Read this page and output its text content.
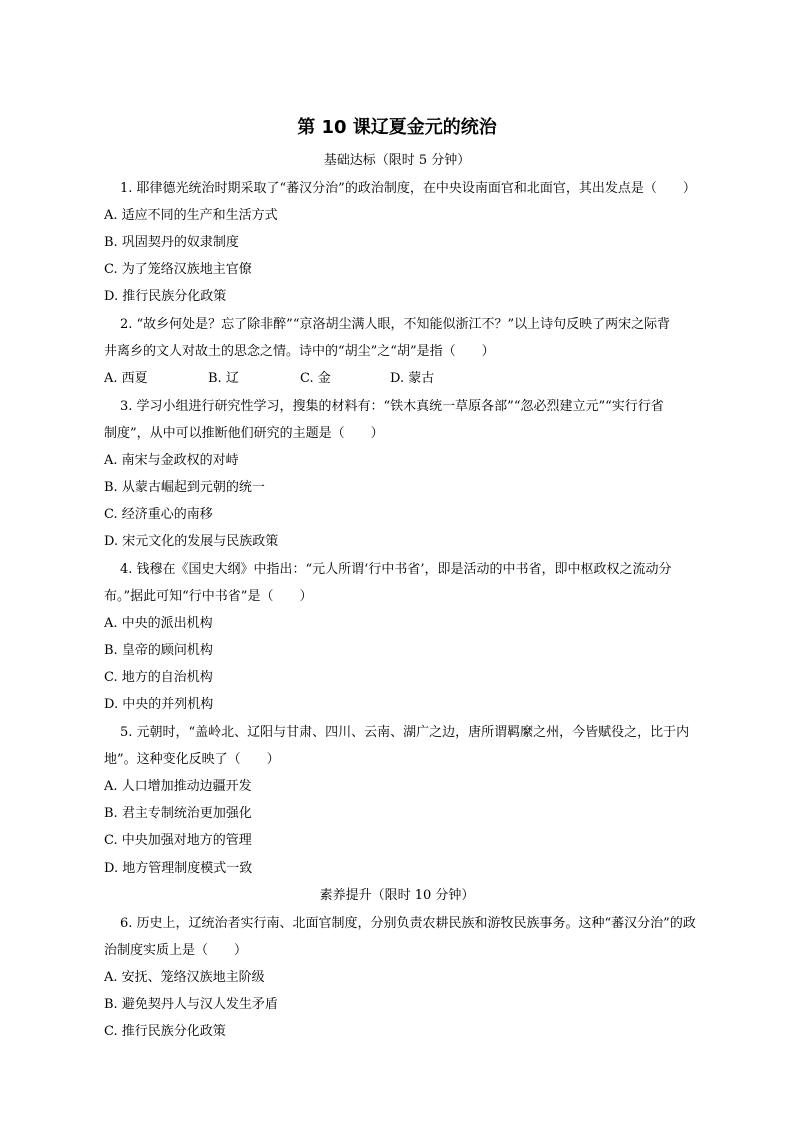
第 10 课辽夏金元的统治
基础达标（限时 5 分钟）
1. 耶律德光统治时期采取了“蕃汉分治”的政治制度，在中央设南面官和北面官，其出发点是（　　）
A. 适应不同的生产和生活方式
B. 巩固契丹的奴隶制度
C. 为了笼络汉族地主官僚
D. 推行民族分化政策
2. “故乡何处是？忘了除非醉”“京洛胡尘满人眼，不知能似浙江不？”以上诗句反映了两宋之际背
井离乡的文人对故土的思念之情。诗中的“胡尘”之“胡”是指（　　）
A. 西夏	B. 辽	C. 金	D. 蒙古
3. 学习小组进行研究性学习，搜集的材料有：“铁木真统一草原各部”“忽必烈建立元”“实行行省
制度”，从中可以推断他们研究的主题是（　　）
A. 南宋与金政权的对峙
B. 从蒙古崛起到元朝的统一
C. 经济重心的南移
D. 宋元文化的发展与民族政策
4. 钱穆在《国史大纲》中指出：“元人所谓‘行中书省’，即是活动的中书省，即中枢政权之流动分
布。”据此可知“行中书省”是（　　）
A. 中央的派出机构
B. 皇帝的顾问机构
C. 地方的自治机构
D. 中央的并列机构
5. 元朝时，“盖岭北、辽阳与甘肃、四川、云南、湖广之边，唐所谓羁縻之州，今皆赋役之，比于内
地”。这种变化反映了（　　）
A. 人口增加推动边疆开发
B. 君主专制统治更加强化
C. 中央加强对地方的管理
D. 地方管理制度模式一致
素养提升（限时 10 分钟）
6. 历史上，辽统治者实行南、北面官制度，分别负责农耕民族和游牧民族事务。这种“蕃汉分治”的政
治制度实质上是（　　）
A. 安抚、笼络汉族地主阶级
B. 避免契丹人与汉人发生矛盾
C. 推行民族分化政策
